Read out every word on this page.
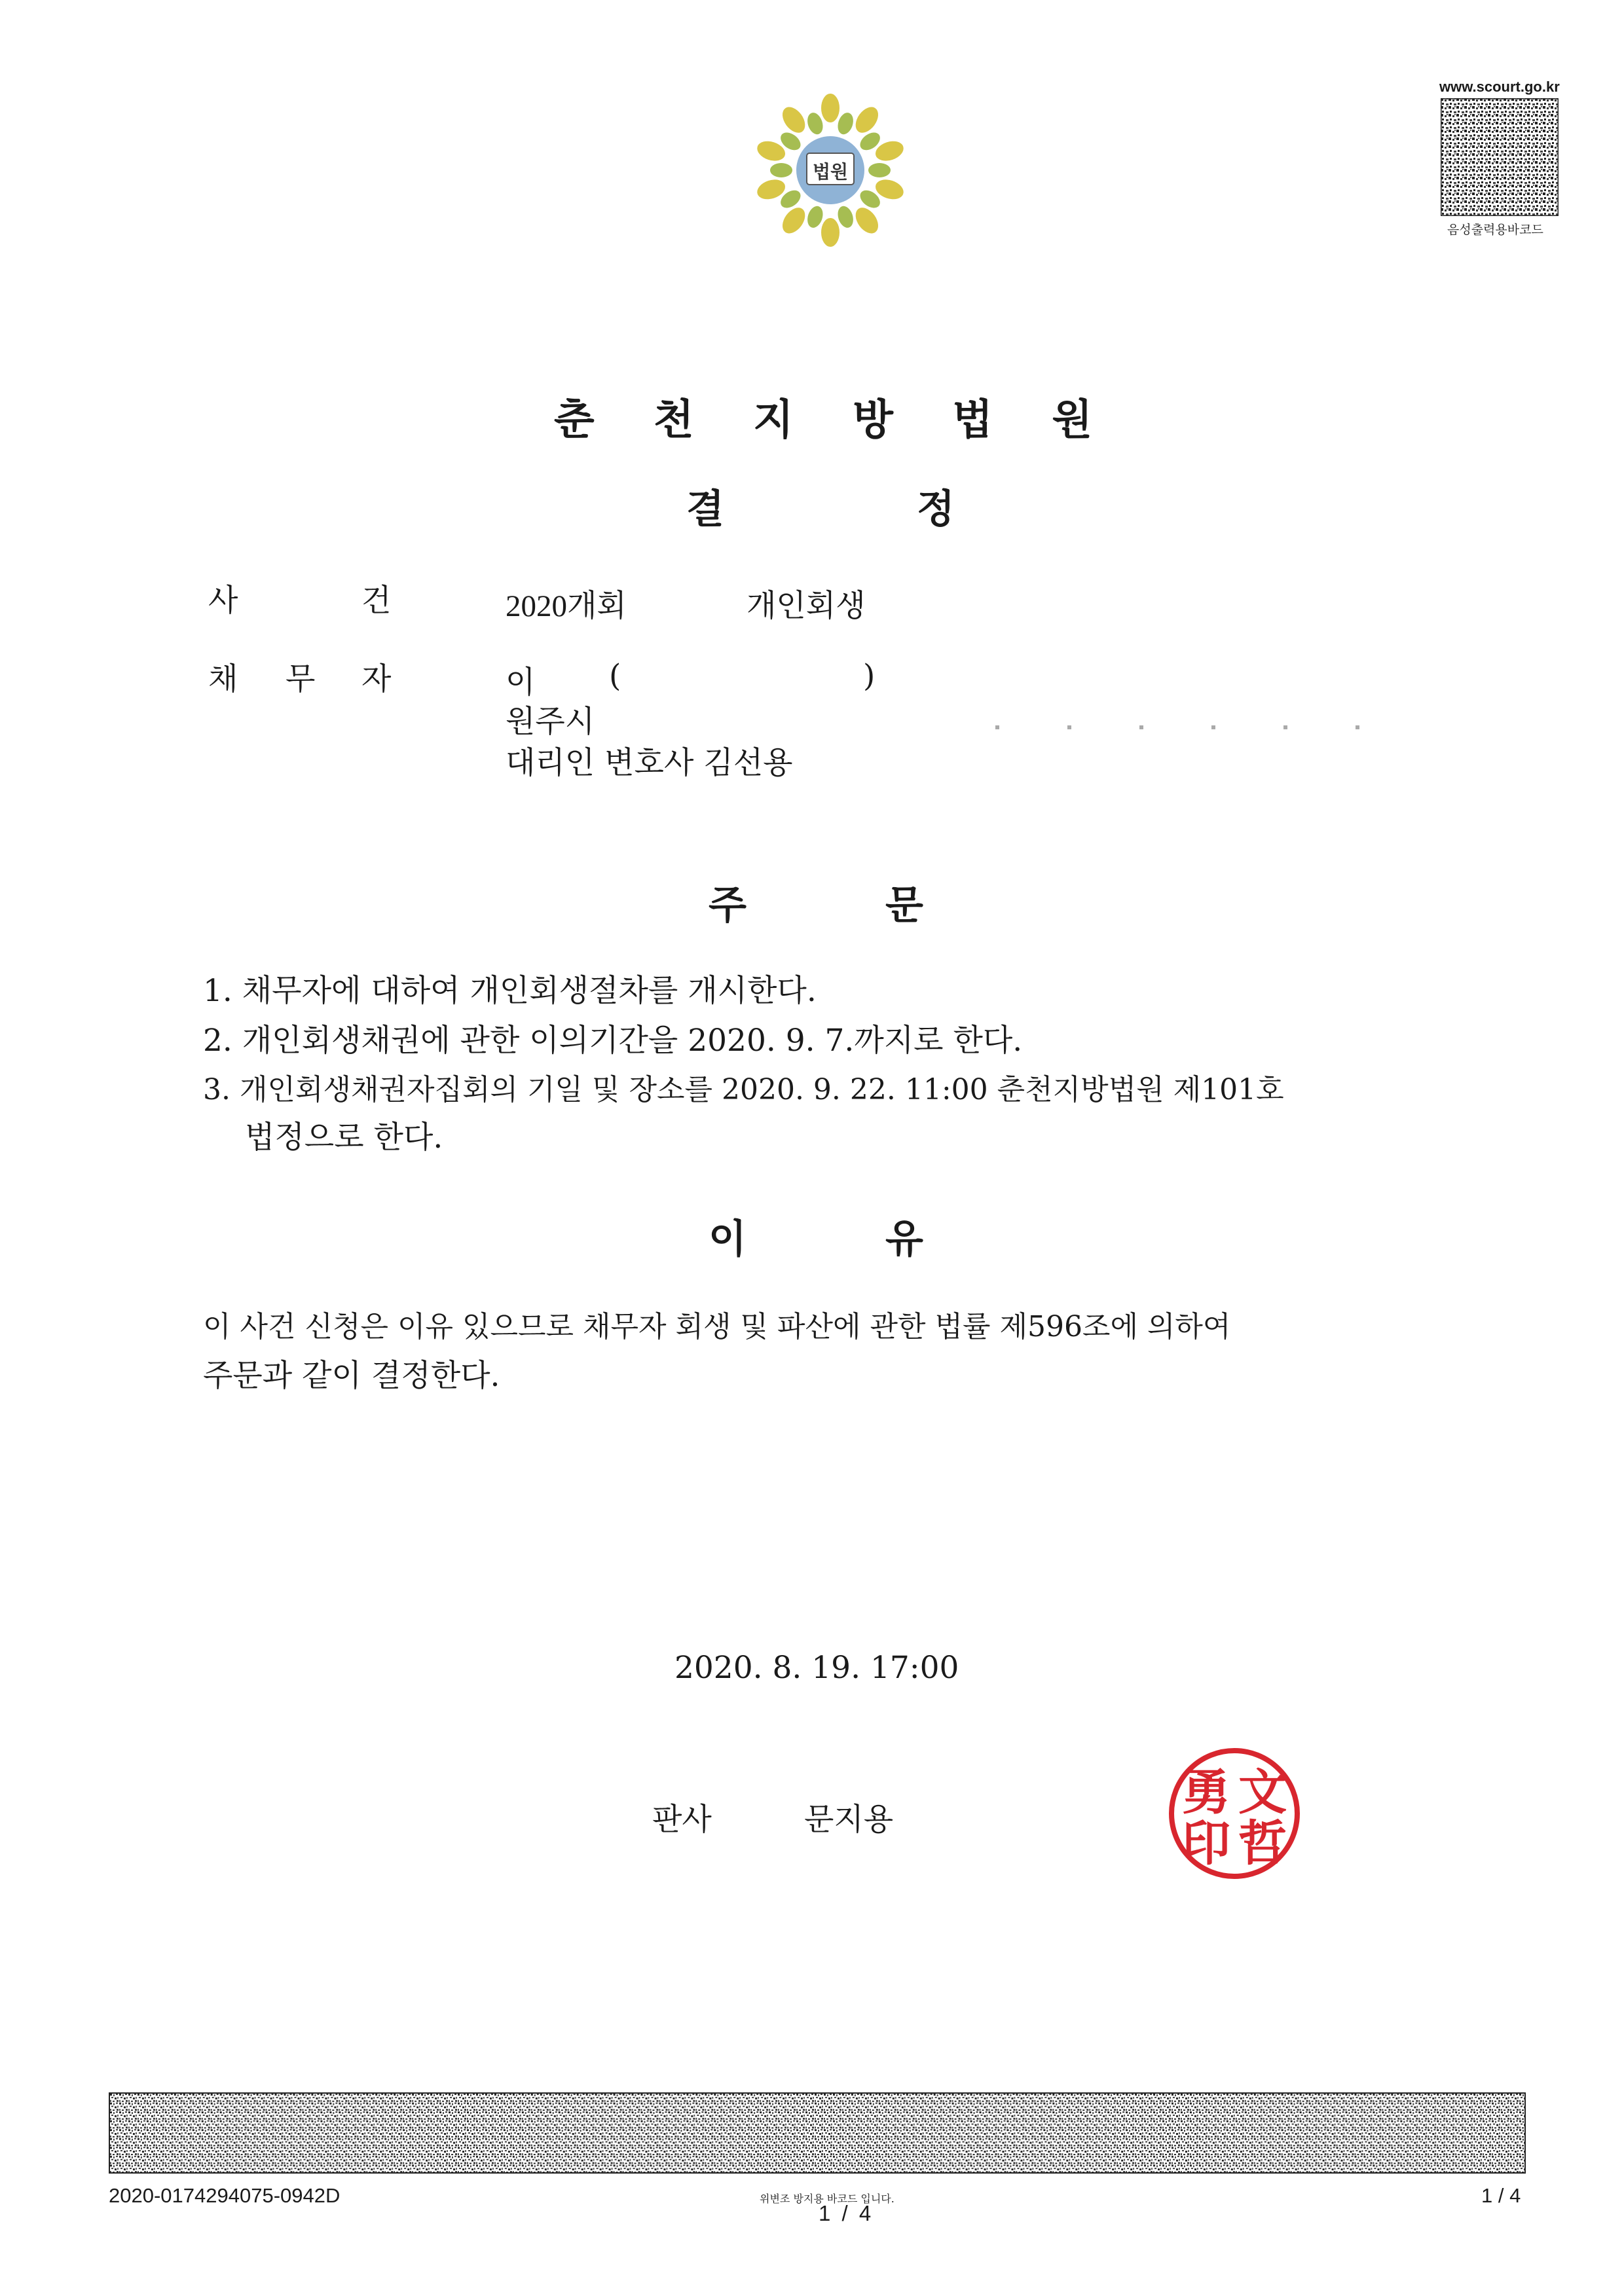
법원
www.scourt.go.kr
음성출력용바코드
춘 천 지 방 법 원
결	정
사	건	2020개회	개인회생
채 무 자	이 (	)
원주시
대리인 변호사 김선용
주	문
1. 채무자에 대하여 개인회생절차를 개시한다.
2. 개인회생채권에 관한 이의기간을 2020. 9. 7.까지로 한다.
3. 개인회생채권자집회의 기일 및 장소를 2020. 9. 22. 11:00 춘천지방법원 제101호
법정으로 한다.
이	유
이 사건 신청은 이유 있으므로 채무자 회생 및 파산에 관한 법률 제596조에 의하여
주문과 같이 결정한다.
2020. 8. 19. 17:00
판사	문지용	文
哲
勇
印
2020-0174294075-0942D	위변조 방지용 바코드 입니다.
1 / 4
1 / 4
